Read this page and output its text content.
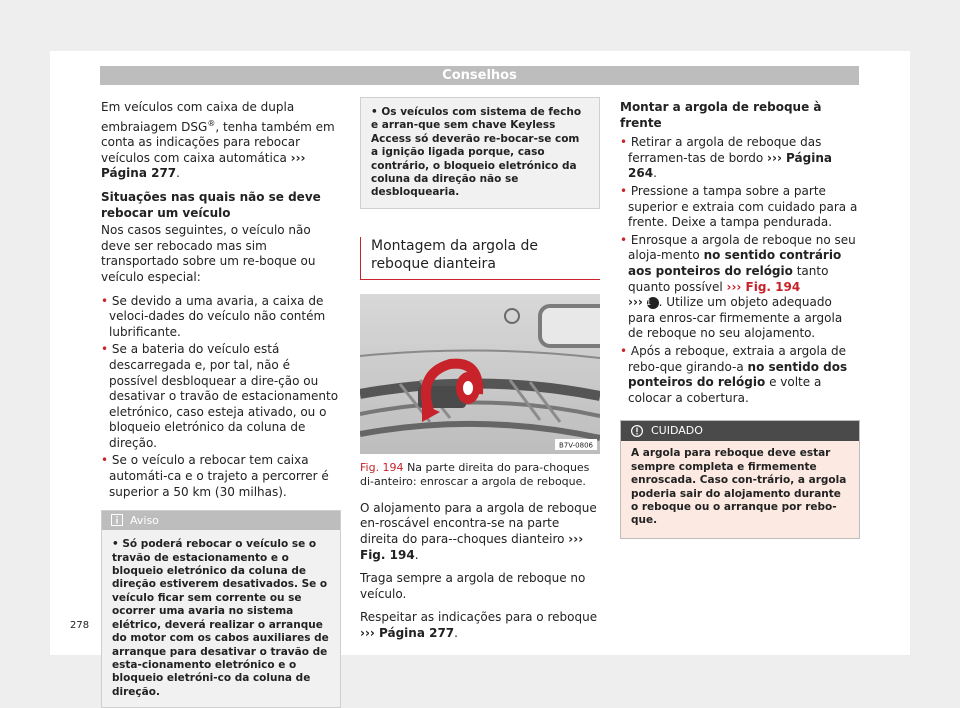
Conselhos

Em veículos com caixa de dupla embraiagem DSG®, tenha também em conta as indicações para rebocar veículos com caixa automática ››› Página 277.

Situações nas quais não se deve rebocar um veículo

Nos casos seguintes, o veículo não deve ser rebocado mas sim transportado sobre um re-boque ou veículo especial:

• Se devido a uma avaria, a caixa de veloci-dades do veículo não contém lubrificante.
• Se a bateria do veículo está descarregada e, por tal, não é possível desbloquear a dire-ção ou desativar o travão de estacionamento eletrónico, caso esteja ativado, ou o bloqueio eletrónico da coluna de direção.
• Se o veículo a rebocar tem caixa automáti-ca e o trajeto a percorrer é superior a 50 km (30 milhas).
Aviso
• Só poderá rebocar o veículo se o travão de estacionamento e o bloqueio eletrónico da coluna de direção estiverem desativados. Se o veículo ficar sem corrente ou se ocorrer uma avaria no sistema elétrico, deverá realizar o arranque do motor com os cabos auxiliares de arranque para desativar o travão de esta-cionamento eletrónico e o bloqueio eletróni-co da coluna de direção.
• Os veículos com sistema de fecho e arran-que sem chave Keyless Access só deverão re-bocar-se com a ignição ligada porque, caso contrário, o bloqueio eletrónico da coluna da direção não se desbloquearia.
Montagem da argola de reboque dianteira
B7V-0806
Fig. 194 Na parte direita do para-choques di-anteiro: enroscar a argola de reboque.

O alojamento para a argola de reboque en-roscável encontra-se na parte direita do para--choques dianteiro ››› Fig. 194.

Traga sempre a argola de reboque no veículo.

Respeitar as indicações para o reboque
››› Página 277.

Montar a argola de reboque à frente
• Retirar a argola de reboque das ferramen-tas de bordo ››› Página 264.
• Pressione a tampa sobre a parte superior e extraia com cuidado para a frente. Deixe a tampa pendurada.
• Enrosque a argola de reboque no seu aloja-mento no sentido contrário aos ponteiros do relógio tanto quanto possível ››› Fig. 194
››› 1 . Utilize um objeto adequado para enros-car firmemente a argola de reboque no seu alojamento.
• Após a reboque, extraia a argola de rebo-que girando-a no sentido dos ponteiros do relógio e volte a colocar a cobertura.
CUIDADO
A argola para reboque deve estar sempre completa e firmemente enroscada. Caso con-trário, a argola poderia sair do alojamento durante o reboque ou o arranque por rebo-que.
278
